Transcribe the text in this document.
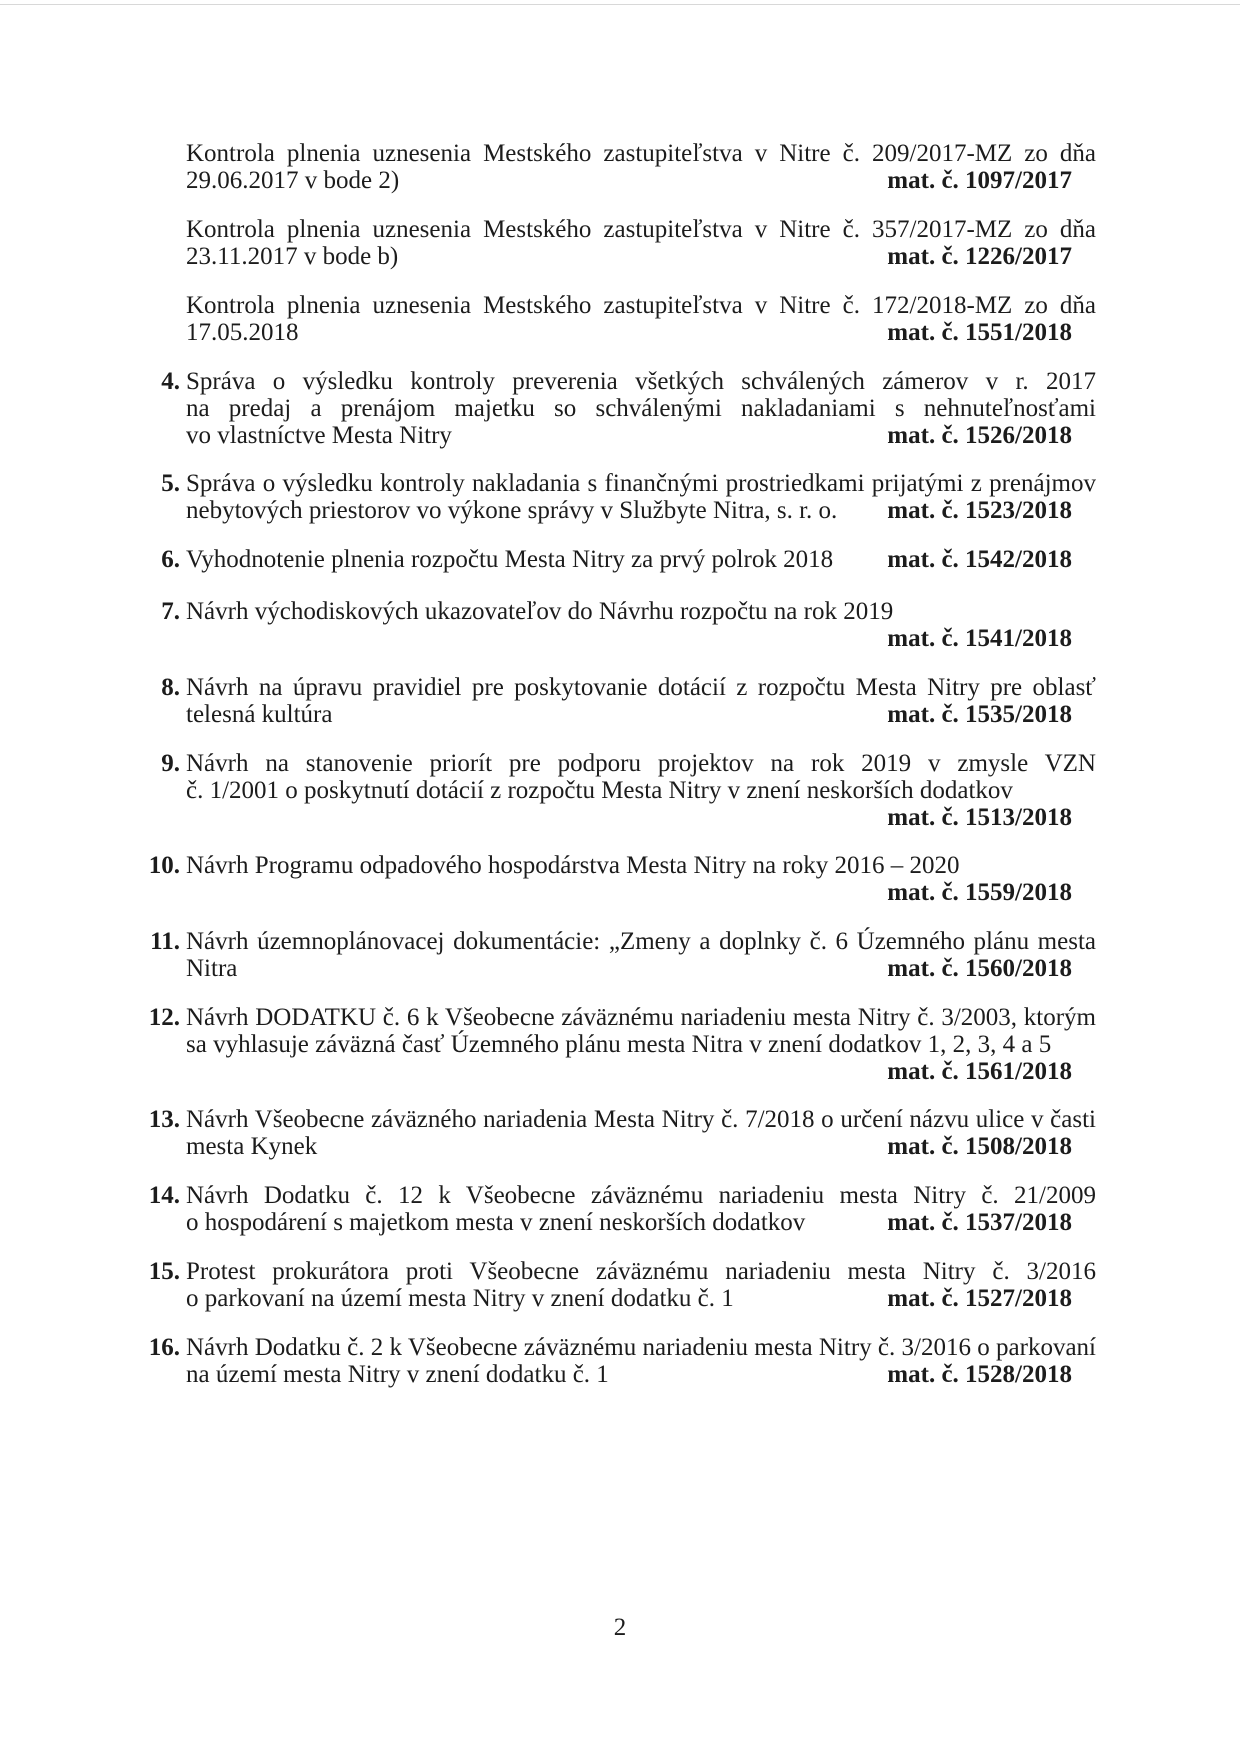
Kontrola plnenia uznesenia Mestského zastupiteľstva v Nitre č. 209/2017-MZ zo dňa
29.06.2017 v bode 2)	mat. č. 1097/2017
Kontrola plnenia uznesenia Mestského zastupiteľstva v Nitre č. 357/2017-MZ zo dňa
23.11.2017 v bode b)	mat. č. 1226/2017
Kontrola plnenia uznesenia Mestského zastupiteľstva v Nitre č. 172/2018-MZ zo dňa
17.05.2018	mat. č. 1551/2018
4. Správa o výsledku kontroly preverenia všetkých schválených zámerov v r. 2017
na predaj a prenájom majetku so schválenými nakladaniami s nehnuteľnosťami
vo vlastníctve Mesta Nitry	mat. č. 1526/2018
5. Správa o výsledku kontroly nakladania s finančnými prostriedkami prijatými z prenájmov
nebytových priestorov vo výkone správy v Službyte Nitra, s. r. o. mat. č. 1523/2018
6. Vyhodnotenie plnenia rozpočtu Mesta Nitry za prvý polrok 2018 mat. č. 1542/2018
7. Návrh východiskových ukazovateľov do Návrhu rozpočtu na rok 2019
mat. č. 1541/2018
8. Návrh na úpravu pravidiel pre poskytovanie dotácií z rozpočtu Mesta Nitry pre oblasť
telesná kultúra	mat. č. 1535/2018
9. Návrh na stanovenie priorít pre podporu projektov na rok 2019 v zmysle VZN
č. 1/2001 o poskytnutí dotácií z rozpočtu Mesta Nitry v znení neskorších dodatkov
mat. č. 1513/2018
10. Návrh Programu odpadového hospodárstva Mesta Nitry na roky 2016 – 2020
mat. č. 1559/2018
11. Návrh územnoplánovacej dokumentácie: „Zmeny a doplnky č. 6 Územného plánu mesta
Nitra	mat. č. 1560/2018
12. Návrh DODATKU č. 6 k Všeobecne záväznému nariadeniu mesta Nitry č. 3/2003, ktorým
sa vyhlasuje záväzná časť Územného plánu mesta Nitra v znení dodatkov 1, 2, 3, 4 a 5
mat. č. 1561/2018
13. Návrh Všeobecne záväzného nariadenia Mesta Nitry č. 7/2018 o určení názvu ulice v časti
mesta Kynek	mat. č. 1508/2018
14. Návrh Dodatku č. 12 k Všeobecne záväznému nariadeniu mesta Nitry č. 21/2009
o hospodárení s majetkom mesta v znení neskorších dodatkov	mat. č. 1537/2018
15. Protest prokurátora proti Všeobecne záväznému nariadeniu mesta Nitry č. 3/2016
o parkovaní na území mesta Nitry v znení dodatku č. 1	mat. č. 1527/2018
16. Návrh Dodatku č. 2 k Všeobecne záväznému nariadeniu mesta Nitry č. 3/2016 o parkovaní
na území mesta Nitry v znení dodatku č. 1	mat. č. 1528/2018
2
